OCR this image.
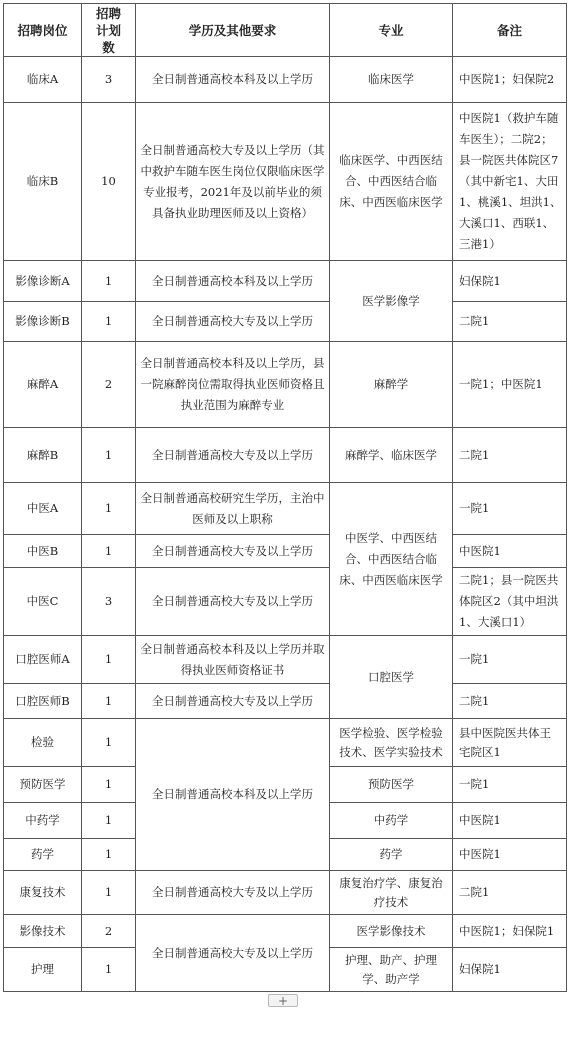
招聘岗位	招聘计划数	学历及其他要求	专业	备注
临床A	3	全日制普通高校本科及以上学历	临床医学	中医院1；妇保院2
临床B	10	全日制普通高校大专及以上学历（其中救护车随车医生岗位仅限临床医学专业报考，2021年及以前毕业的须具备执业助理医师及以上资格）	临床医学、中西医结合、中西医结合临床、中西医临床医学	中医院1（救护车随车医生）；二院2；县一院医共体院区7（其中新宅1、大田1、桃溪1、坦洪1、大溪口1、西联1、三港1）
影像诊断A	1	全日制普通高校本科及以上学历	医学影像学	妇保院1
影像诊断B	1	全日制普通高校大专及以上学历		二院1
麻醉A	2	全日制普通高校本科及以上学历，县一院麻醉岗位需取得执业医师资格且执业范围为麻醉专业	麻醉学	一院1；中医院1
麻醉B	1	全日制普通高校大专及以上学历	麻醉学、临床医学	二院1
中医A	1	全日制普通高校研究生学历，主治中医师及以上职称	中医学、中西医结合、中西医结合临床、中西医临床医学	一院1
中医B	1	全日制普通高校大专及以上学历		中医院1
中医C	3	全日制普通高校大专及以上学历		二院1；县一院医共体院区2（其中坦洪1、大溪口1）
口腔医师A	1	全日制普通高校本科及以上学历并取得执业医师资格证书	口腔医学	一院1
口腔医师B	1	全日制普通高校大专及以上学历		二院1
检验	1	全日制普通高校本科及以上学历	医学检验、医学检验技术、医学实验技术	县中医院医共体王宅院区1
预防医学	1		预防医学	一院1
中药学	1		中药学	中医院1
药学	1		药学	中医院1
康复技术	1	全日制普通高校大专及以上学历	康复治疗学、康复治疗技术	二院1
影像技术	2	全日制普通高校大专及以上学历	医学影像技术	中医院1；妇保院1
护理	1		护理、助产、护理学、助产学	妇保院1
+
